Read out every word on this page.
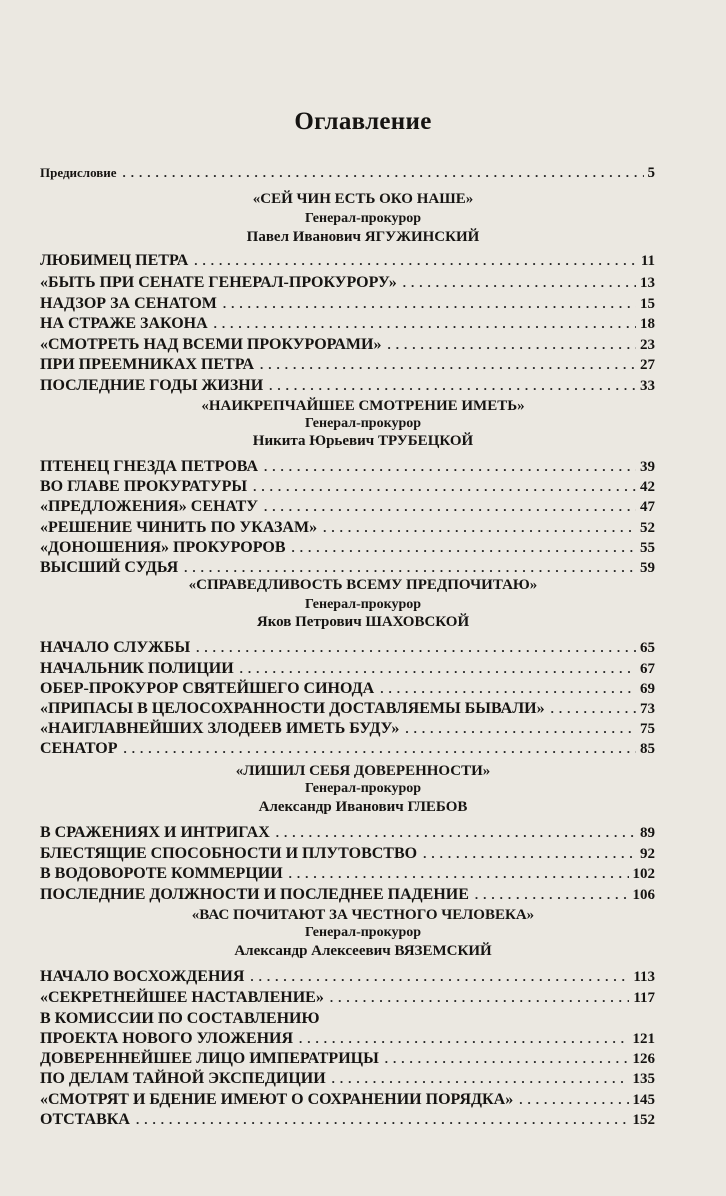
Оглавление
Предисловие .....	5
«СЕЙ ЧИН ЕСТЬ ОКО НАШЕ»
Генерал-прокурор
Павел Иванович ЯГУЖИНСКИЙ
ЛЮБИМЕЦ ПЕТРА .....	11
«БЫТЬ ПРИ СЕНАТЕ ГЕНЕРАЛ-ПРОКУРОРУ» .....	13
НАДЗОР ЗА СЕНАТОМ .....	15
НА СТРАЖЕ ЗАКОНА .....	18
«СМОТРЕТЬ НАД ВСЕМИ ПРОКУРОРАМИ» .....	23
ПРИ ПРЕЕМНИКАХ ПЕТРА .....	27
ПОСЛЕДНИЕ ГОДЫ ЖИЗНИ .....	33
«НАИКРЕПЧАЙШЕЕ СМОТРЕНИЕ ИМЕТЬ»
Генерал-прокурор
Никита Юрьевич ТРУБЕЦКОЙ
ПТЕНЕЦ ГНЕЗДА ПЕТРОВА .....	39
ВО ГЛАВЕ ПРОКУРАТУРЫ .....	42
«ПРЕДЛОЖЕНИЯ» СЕНАТУ .....	47
«РЕШЕНИЕ ЧИНИТЬ ПО УКАЗАМ» .....	52
«ДОНОШЕНИЯ» ПРОКУРОРОВ .....	55
ВЫСШИЙ СУДЬЯ .....	59
«СПРАВЕДЛИВОСТЬ ВСЕМУ ПРЕДПОЧИТАЮ»
Генерал-прокурор
Яков Петрович ШАХОВСКОЙ
НАЧАЛО СЛУЖБЫ .....	65
НАЧАЛЬНИК ПОЛИЦИИ .....	67
ОБЕР-ПРОКУРОР СВЯТЕЙШЕГО СИНОДА .....	69
«ПРИПАСЫ В ЦЕЛОСОХРАННОСТИ ДОСТАВЛЯЕМЫ БЫВАЛИ» .....	73
«НАИГЛАВНЕЙШИХ ЗЛОДЕЕВ ИМЕТЬ БУДУ» .....	75
СЕНАТОР .....	85
«ЛИШИЛ СЕБЯ ДОВЕРЕННОСТИ»
Генерал-прокурор
Александр Иванович ГЛЕБОВ
В СРАЖЕНИЯХ И ИНТРИГАХ .....	89
БЛЕСТЯЩИЕ СПОСОБНОСТИ И ПЛУТОВСТВО .....	92
В ВОДОВОРОТЕ КОММЕРЦИИ .....	102
ПОСЛЕДНИЕ ДОЛЖНОСТИ И ПОСЛЕДНЕЕ ПАДЕНИЕ .....	106
«ВАС ПОЧИТАЮТ ЗА ЧЕСТНОГО ЧЕЛОВЕКА»
Генерал-прокурор
Александр Алексеевич ВЯЗЕМСКИЙ
НАЧАЛО ВОСХОЖДЕНИЯ .....	113
«СЕКРЕТНЕЙШЕЕ НАСТАВЛЕНИЕ» .....	117
В КОМИССИИ ПО СОСТАВЛЕНИЮ
ПРОЕКТА НОВОГО УЛОЖЕНИЯ .....	121
ДОВЕРЕННЕЙШЕЕ ЛИЦО ИМПЕРАТРИЦЫ .....	126
ПО ДЕЛАМ ТАЙНОЙ ЭКСПЕДИЦИИ .....	135
«СМОТРЯТ И БДЕНИЕ ИМЕЮТ О СОХРАНЕНИИ ПОРЯДКА» .....	145
ОТСТАВКА .....	152
